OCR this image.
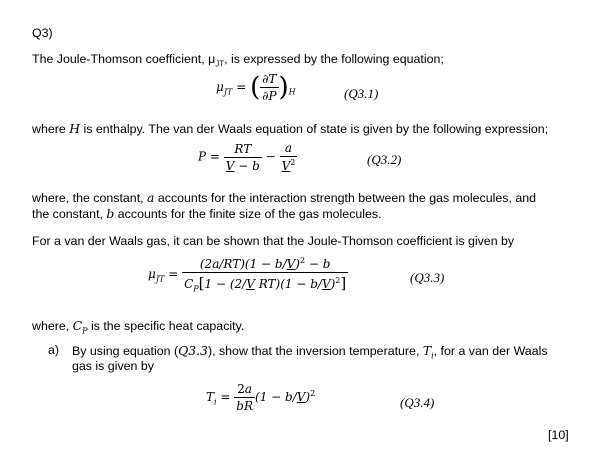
Q3)
The Joule-Thomson coefficient, $\mu_{JT}$, is expressed by the following equation;
$\mu_{JT}$ = ( $\frac{\partial T}{\partial P} )_H$	(Q3.1)
where H is enthalpy. The van der Waals equation of state is given by the following expression;
$P = \frac{RT}{V - b} - \frac{a}{V^2}$	(Q3.2)
where, the constant, a accounts for the interaction strength between the gas molecules, and
the constant, b accounts for the finite size of the gas molecules.
For a van der Waals gas, it can be shown that the Joule-Thomson coefficient is given by
$\mu_{JT} = \frac{(2a/RT)(1 - b/V)^2 - b}{C_P[1 - (2/V RT)(1 - b/V)^2]}$	(Q3.3)
where, $C_P$ is the specific heat capacity.
a) By using equation (Q3.3), show that the inversion temperature, $T_i$, for a van der Waals
gas is given by
$T_i = \frac{2a}{bR} (1 - b/V)^2$
(Q3.4)
[10]
